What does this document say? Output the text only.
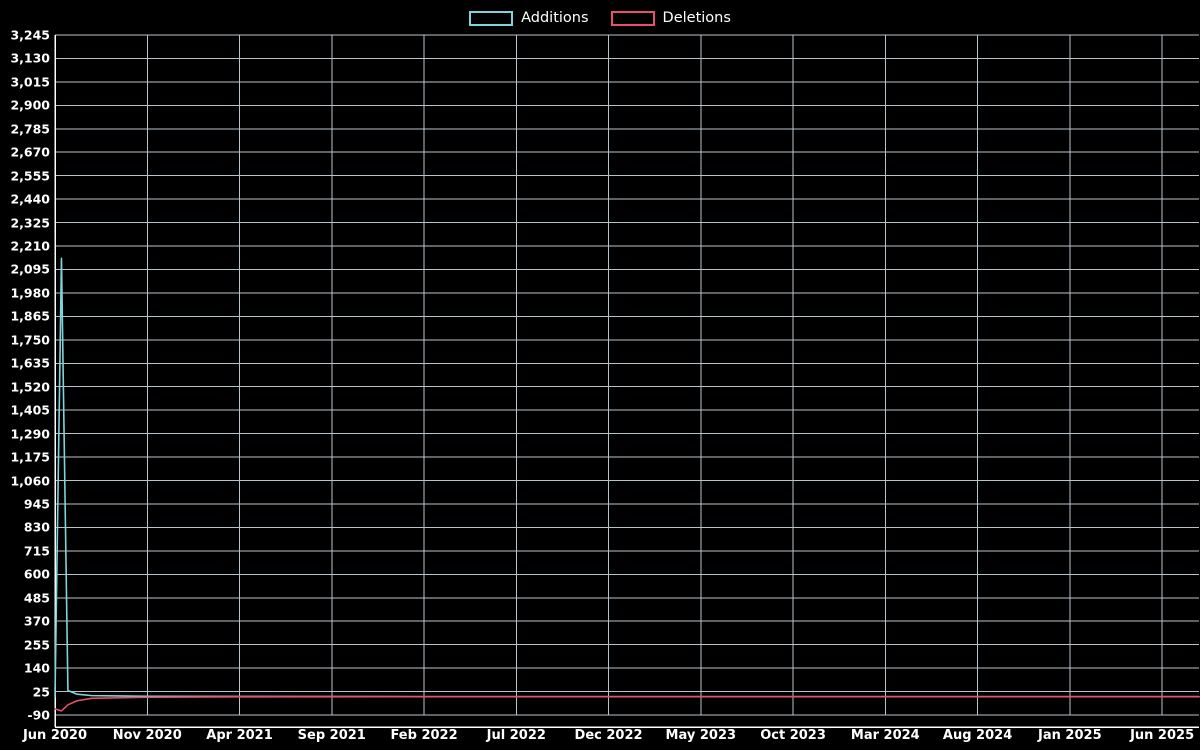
Additions	Deletions
3,245
3,130
3,015
2,900
2,785
2,670
2,555
2,440
2,325
2,210
2,095
1,980
1,865
1,750
1,635
1,520
1,405
1,290
1,175
1,060
945
830
715
600
485
370
255
140
25
-90
Jun 2020 Nov 2020 Apr 2021 Sep 2021 Feb 2022 Jul 2022 Dec 2022 May 2023 Oct 2023 Mar 2024 Aug 2024 Jan 2025 Jun 2025
